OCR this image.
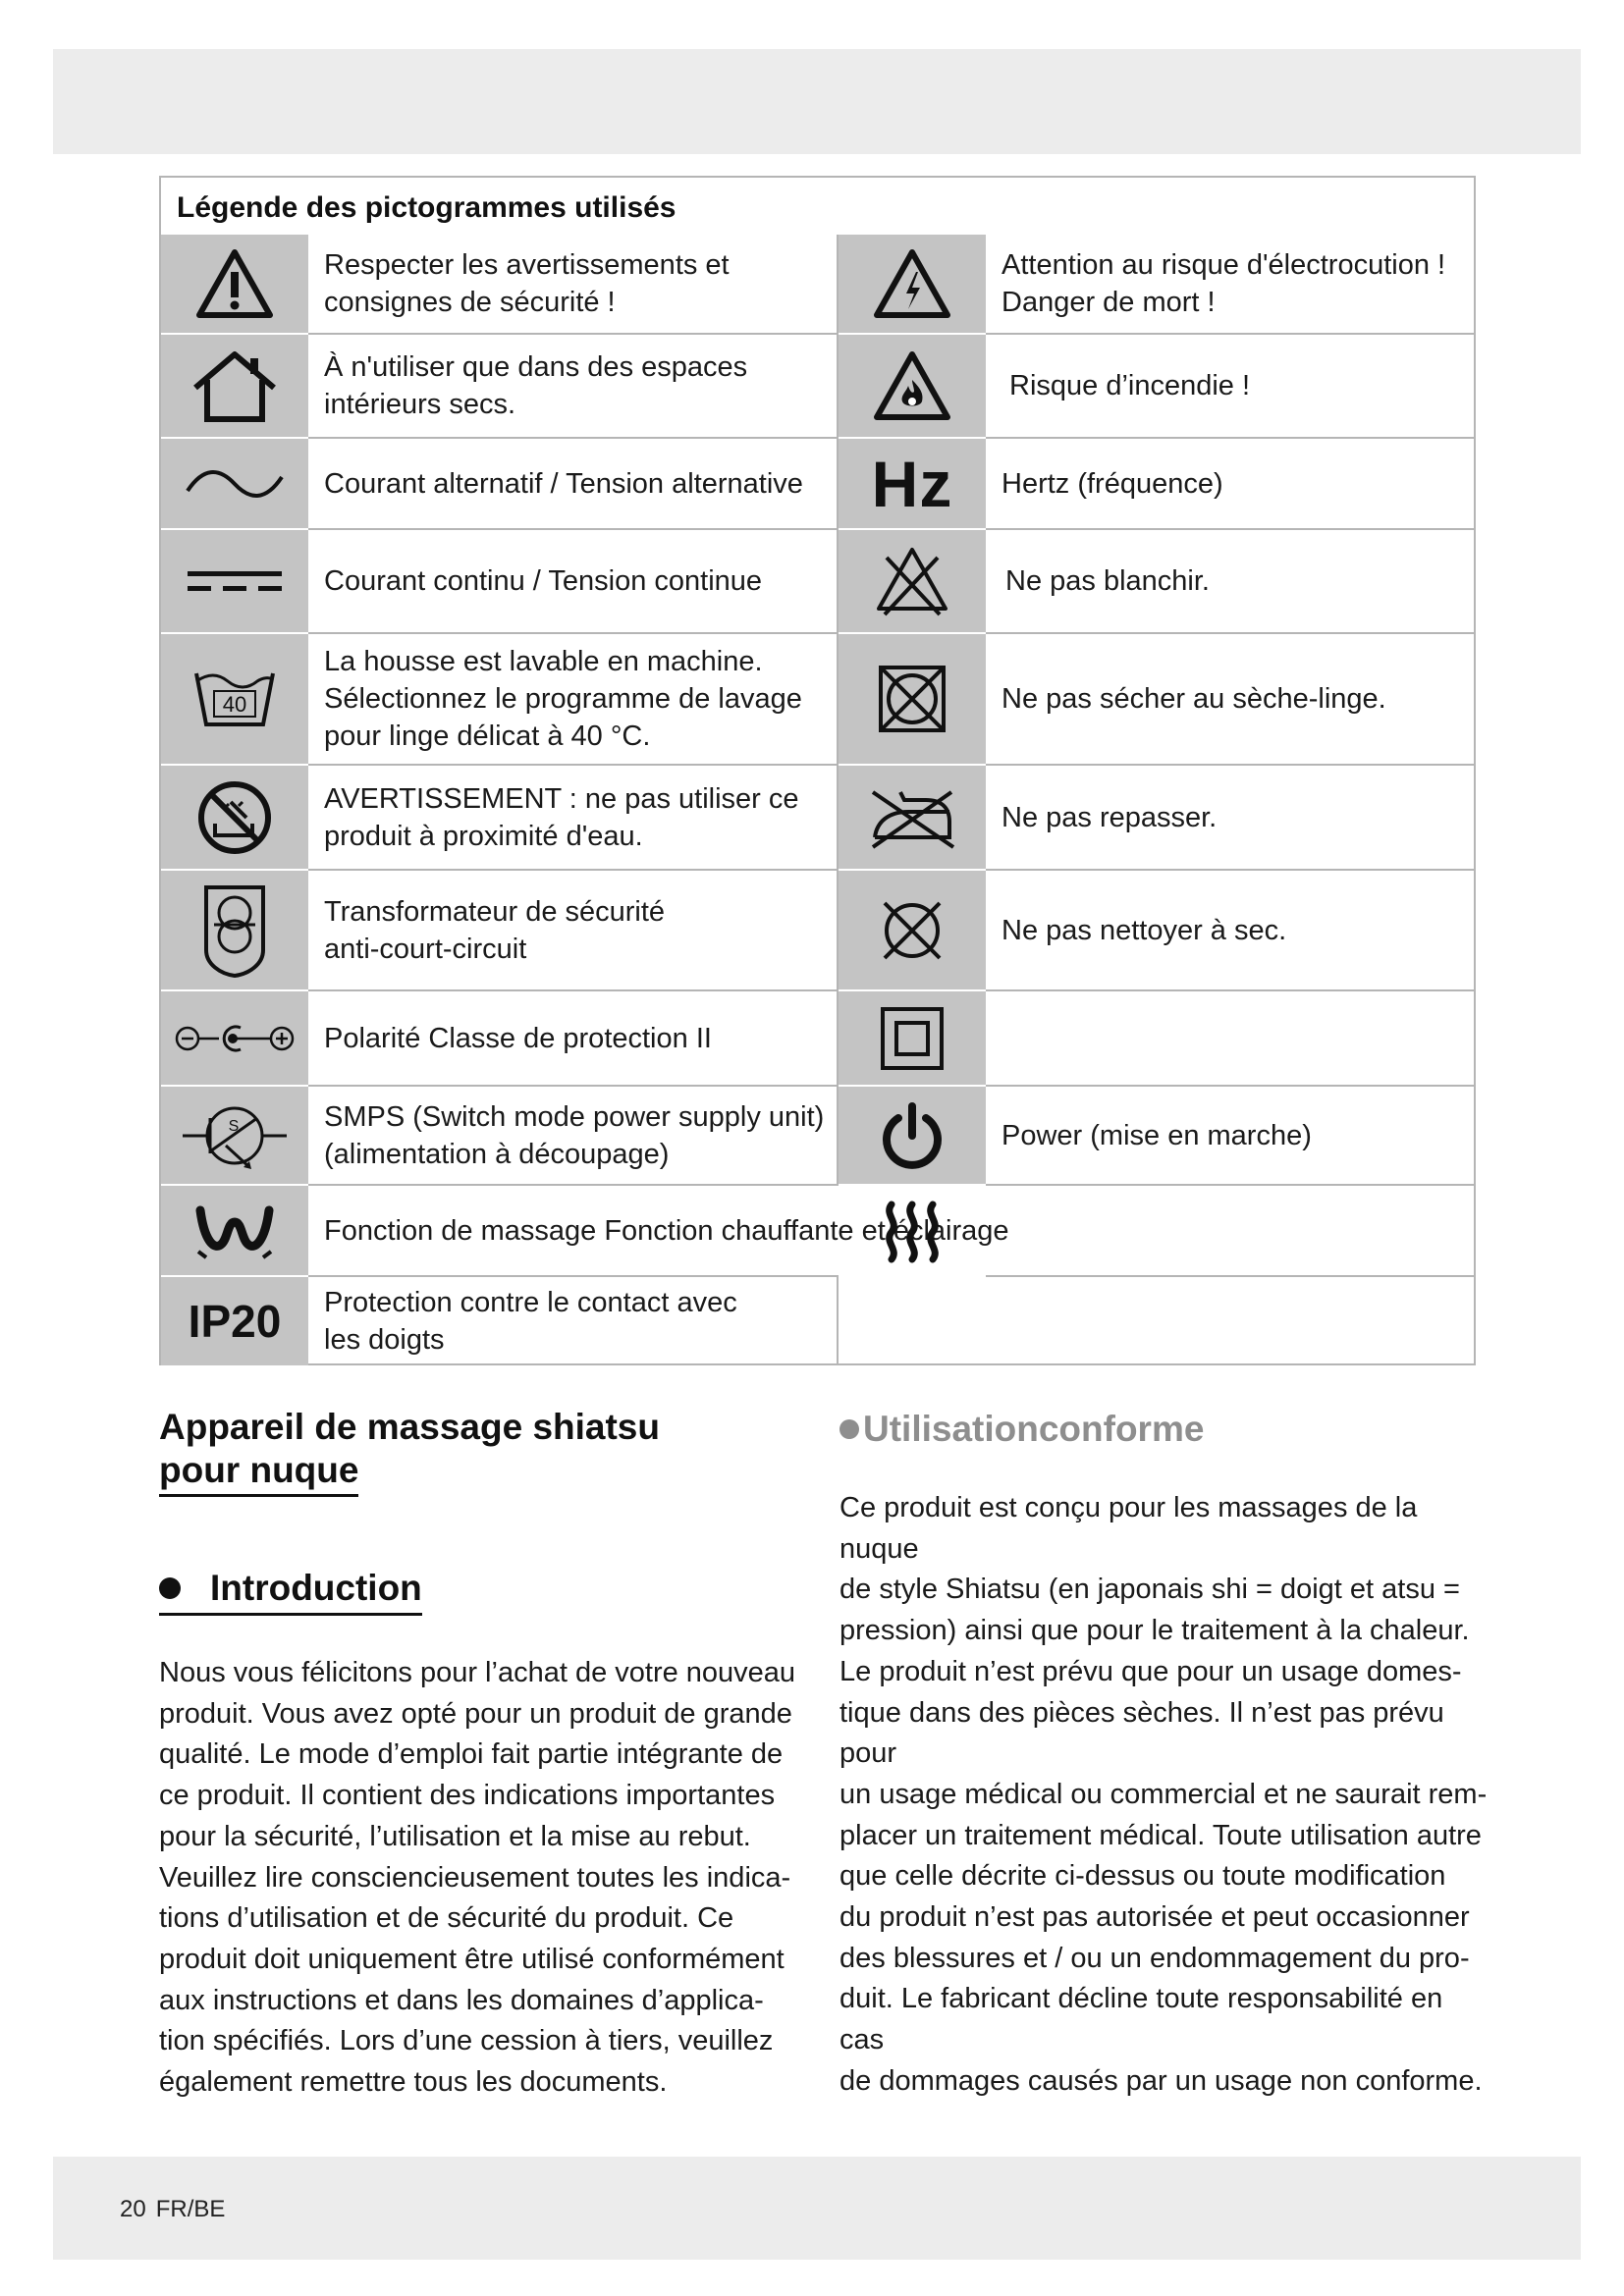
Légende des pictogrammes utilisés
Respecter les avertissements et
consignes de sécurité !
À n'utiliser que dans des espaces
intérieurs secs.
Courant alternatif / Tension alternative
Courant continu / Tension continue
40
La housse est lavable en machine.
Sélectionnez le programme de lavage
pour linge délicat à 40 °C.
AVERTISSEMENT : ne pas utiliser ce
produit à proximité d'eau.
Transformateur de sécurité
anti-court-circuit
Polarité Classe de protection II
S	SMPS (Switch mode power supply unit)
(alimentation à découpage)
Fonction de massage Fonction chauffante et éclairage
IP20 Protection contre le contact avec
les doigts
Attention au risque d'électrocution !
Danger de mort !
Risque d’incendie !
Hz Hertz (fréquence)
Ne pas blanchir.
Ne pas sécher au sèche-linge.
Ne pas repasser.
Ne pas nettoyer à sec.
Power (mise en marche)
Appareil de massage shiatsu
pour nuque
Introduction
Nous vous félicitons pour l’achat de votre nouveau
produit. Vous avez opté pour un produit de grande
qualité. Le mode d’emploi fait partie intégrante de
ce produit. Il contient des indications importantes
pour la sécurité, l’utilisation et la mise au rebut.
Veuillez lire consciencieusement toutes les indica-
tions d’utilisation et de sécurité du produit. Ce
produit doit uniquement être utilisé conformément
aux instructions et dans les domaines d’applica-
tion spécifiés. Lors d’une cession à tiers, veuillez
également remettre tous les documents.
Utilisationconforme
Ce produit est conçu pour les massages de la nuque
de style Shiatsu (en japonais shi = doigt et atsu =
pression) ainsi que pour le traitement à la chaleur.
Le produit n’est prévu que pour un usage domes-
tique dans des pièces sèches. Il n’est pas prévu pour
un usage médical ou commercial et ne saurait rem-
placer un traitement médical. Toute utilisation autre
que celle décrite ci-dessus ou toute modification
du produit n’est pas autorisée et peut occasionner
des blessures et / ou un endommagement du pro-
duit. Le fabricant décline toute responsabilité en cas
de dommages causés par un usage non conforme.
20 FR/BE
